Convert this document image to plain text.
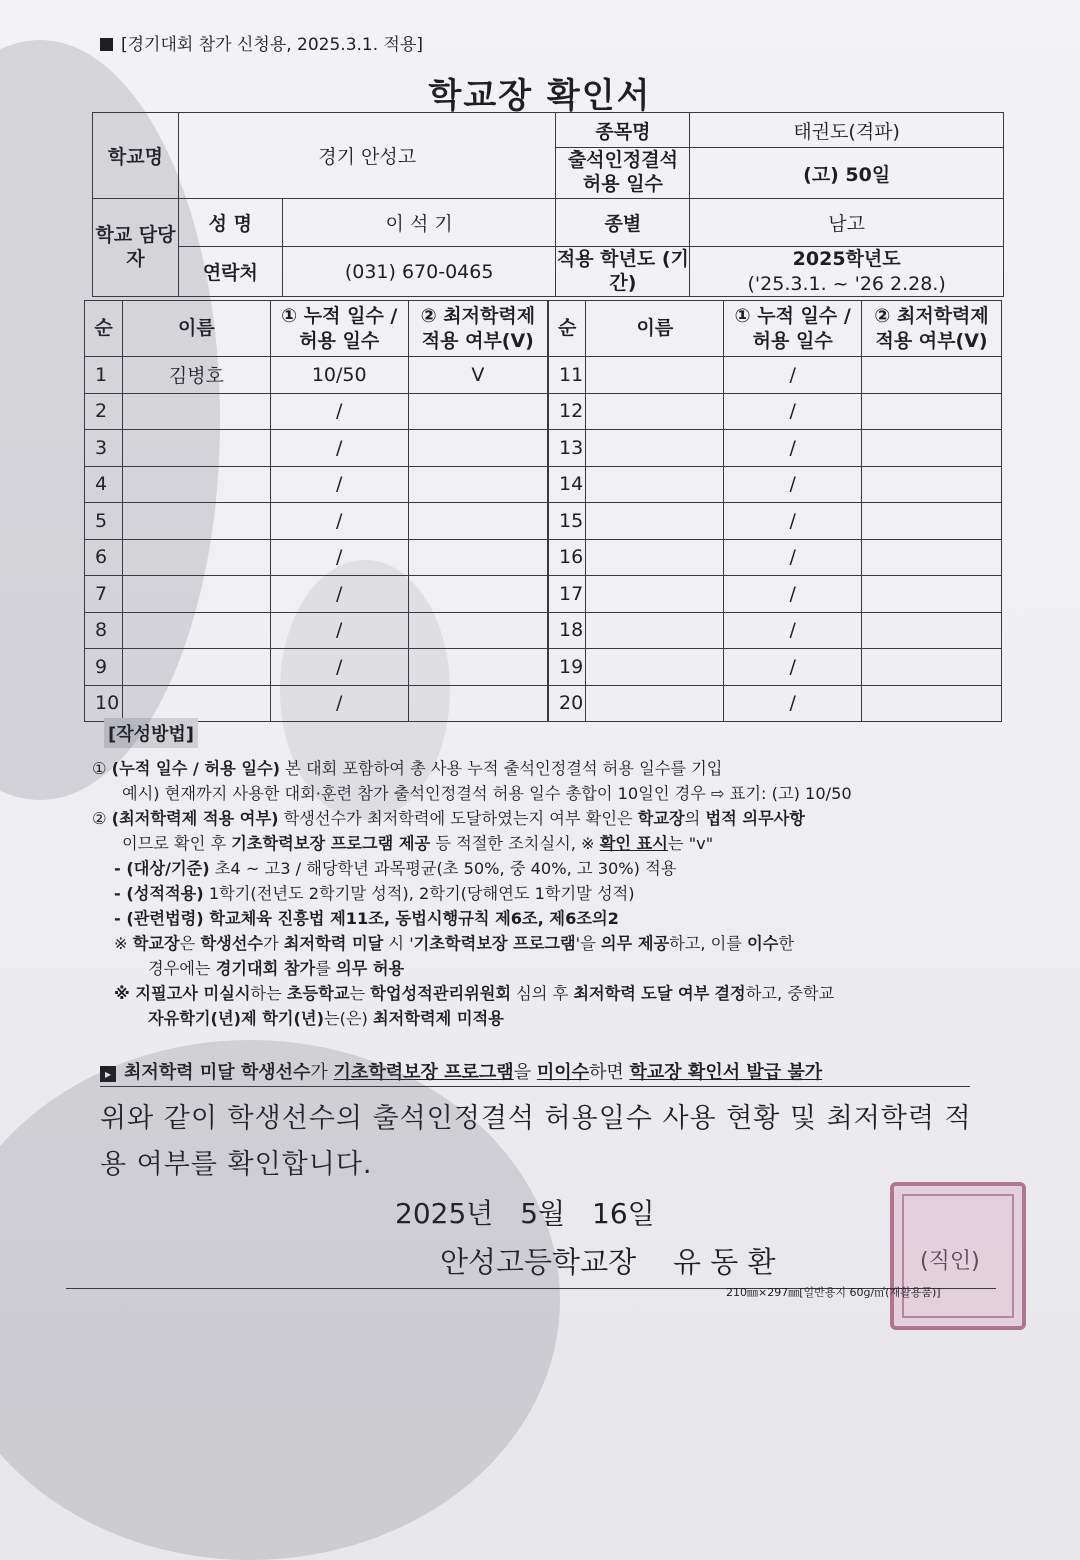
[경기대회 참가 신청용, 2025.3.1. 적용]
학교장 확인서
학교명	경기 안성고		종목명	태권도(격파)
			출석인정결석 허용 일수	(고) 50일
학교 담당자	성 명	이 석 기	종별	남고
	연락처	(031) 670-0465	적용 학년도 (기간)	2025학년도
('25.3.1. ~ '26 2.28.)
순	이름	① 누적 일수 / 허용 일수	② 최저학력제 적용 여부(V)	순	이름	① 누적 일수 / 허용 일수	② 최저학력제 적용 여부(V)
1	김병호	10/50	V	11		/	
2		/		12		/	
3		/		13		/	
4		/		14		/	
5		/		15		/	
6		/		16		/	
7		/		17		/	
8		/		18		/	
9		/		19		/	
10		/		20		/	
[작성방법]

① (누적 일수 / 허용 일수) 본 대회 포함하여 총 사용 누적 출석인정결석 허용 일수를 기입

예시) 현재까지 사용한 대회·훈련 참가 출석인정결석 허용 일수 총합이 10일인 경우 ⇨ 표기: (고) 10/50

② (최저학력제 적용 여부) 학생선수가 최저학력에 도달하였는지 여부 확인은 학교장의 법적 의무사항

이므로 확인 후 기초학력보장 프로그램 제공 등 적절한 조치실시, ※ 확인 표시는 "v"

- (대상/기준) 초4 ~ 고3 / 해당학년 과목평균(초 50%, 중 40%, 고 30%) 적용

- (성적적용) 1학기(전년도 2학기말 성적), 2학기(당해연도 1학기말 성적)

- (관련법령) 학교체육 진흥법 제11조, 동법시행규칙 제6조, 제6조의2

※ 학교장은 학생선수가 최저학력 미달 시 '기초학력보장 프로그램'을 의무 제공하고, 이를 이수한

경우에는 경기대회 참가를 의무 허용

※ 지필고사 미실시하는 초등학교는 학업성적관리위원회 심의 후 최저학력 도달 여부 결정하고, 중학교

자유학기(년)제 학기(년)는(은) 최저학력제 미적용

▸ 최저학력 미달 학생선수가 기초학력보장 프로그램을 미이수하면 학교장 확인서 발급 불가
위와 같이 학생선수의 출석인정결석 허용일수 사용 현황 및 최저학력 적용 여부를 확인합니다.
2025년 5월 16일
안성고등학교장 유 동 환	(직인)
210㎜×297㎜[일반용지 60g/㎡(재활용품)]
